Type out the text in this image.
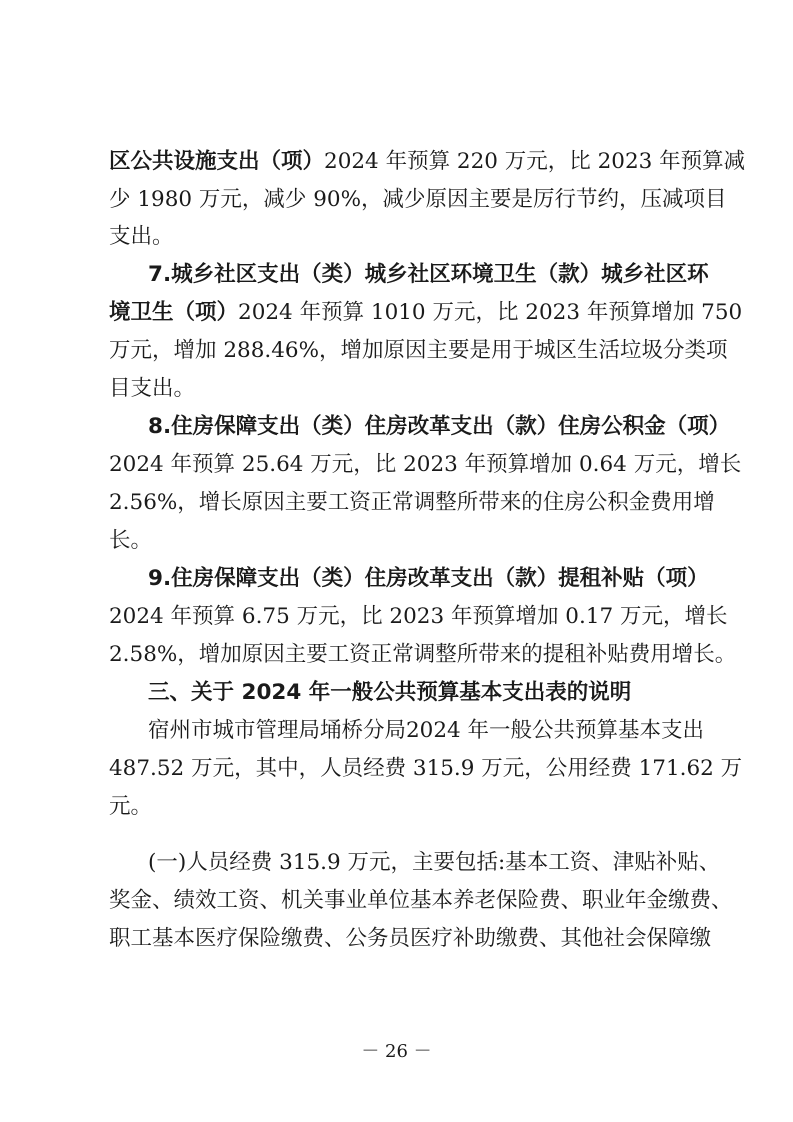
区公共设施支出（项）2024 年预算 220 万元，比 2023 年预算减
少 1980 万元，减少 90%，减少原因主要是厉行节约，压减项目
支出。
7.城乡社区支出（类）城乡社区环境卫生（款）城乡社区环
境卫生（项）2024 年预算 1010 万元，比 2023 年预算增加 750
万元，增加 288.46%，增加原因主要是用于城区生活垃圾分类项
目支出。
8.住房保障支出（类）住房改革支出（款）住房公积金（项）
2024 年预算 25.64 万元，比 2023 年预算增加 0.64 万元，增长
2.56%，增长原因主要工资正常调整所带来的住房公积金费用增
长。
9.住房保障支出（类）住房改革支出（款）提租补贴（项）
2024 年预算 6.75 万元，比 2023 年预算增加 0.17 万元，增长
2.58%，增加原因主要工资正常调整所带来的提租补贴费用增长。
三、关于 2024 年一般公共预算基本支出表的说明
宿州市城市管理局埇桥分局2024 年一般公共预算基本支出
487.52 万元，其中，人员经费 315.9 万元，公用经费 171.62 万
元。
(一)人员经费 315.9 万元，主要包括:基本工资、津贴补贴、
奖金、绩效工资、机关事业单位基本养老保险费、职业年金缴费、
职工基本医疗保险缴费、公务员医疗补助缴费、其他社会保障缴
－ 26 －
